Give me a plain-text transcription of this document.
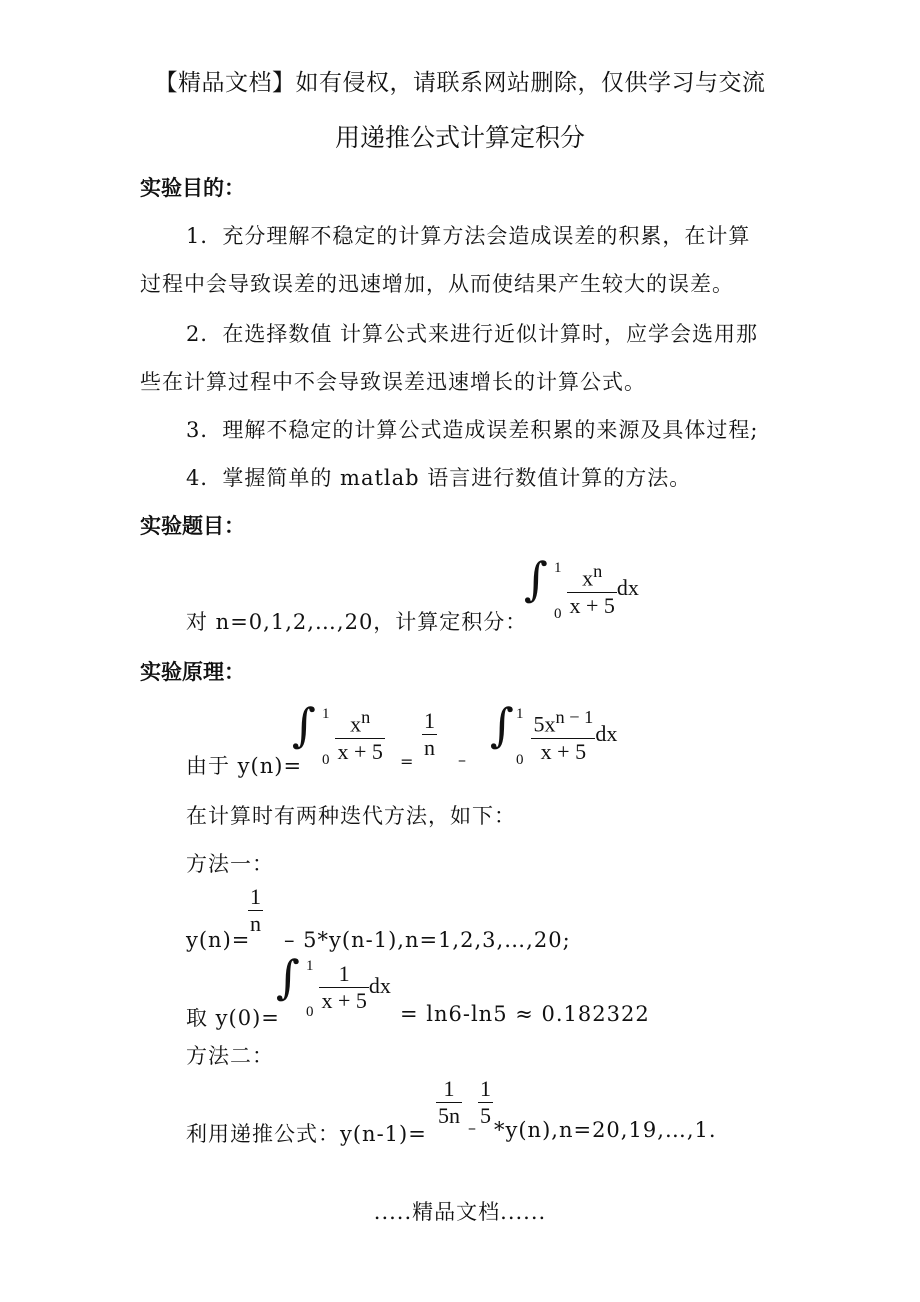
【精品文档】如有侵权，请联系网站删除，仅供学习与交流
用递推公式计算定积分
实验目的：
1．充分理解不稳定的计算方法会造成误差的积累，在计算
过程中会导致误差的迅速增加，从而使结果产生较大的误差。
2．在选择数值 计算公式来进行近似计算时，应学会选用那
些在计算过程中不会导致误差迅速增长的计算公式。
3．理解不稳定的计算公式造成误差积累的来源及具体过程;
4．掌握简单的 matlab 语言进行数值计算的方法。
实验题目：
对 n=0,1,2,…,20，计算定积分：
∫ 1
$0 \frac{x^n}{x + 5}$ dx
实验原理：
由于 y(n)=
∫ 1
$0 \frac{x^n}{x + 5}$ =
$\frac{1}{n}$ –
∫ 1
$0 \frac{5x^{n - 1}}{x + 5}$ dx
在计算时有两种迭代方法，如下：
方法一：
y(n)=
$\frac{1}{n}$
– 5*y(n-1),n=1,2,3,…,20;
取 y(0)=
∫ 1
$0 \frac{1}{x + 5}$ dx
= ln6-ln5 ≈ 0.182322
方法二：
利用递推公式：y(n-1)=
$\frac{1}{5n} - \frac{1}{5}$
*y(n),n=20,19,…,1.
.....精品文档......
